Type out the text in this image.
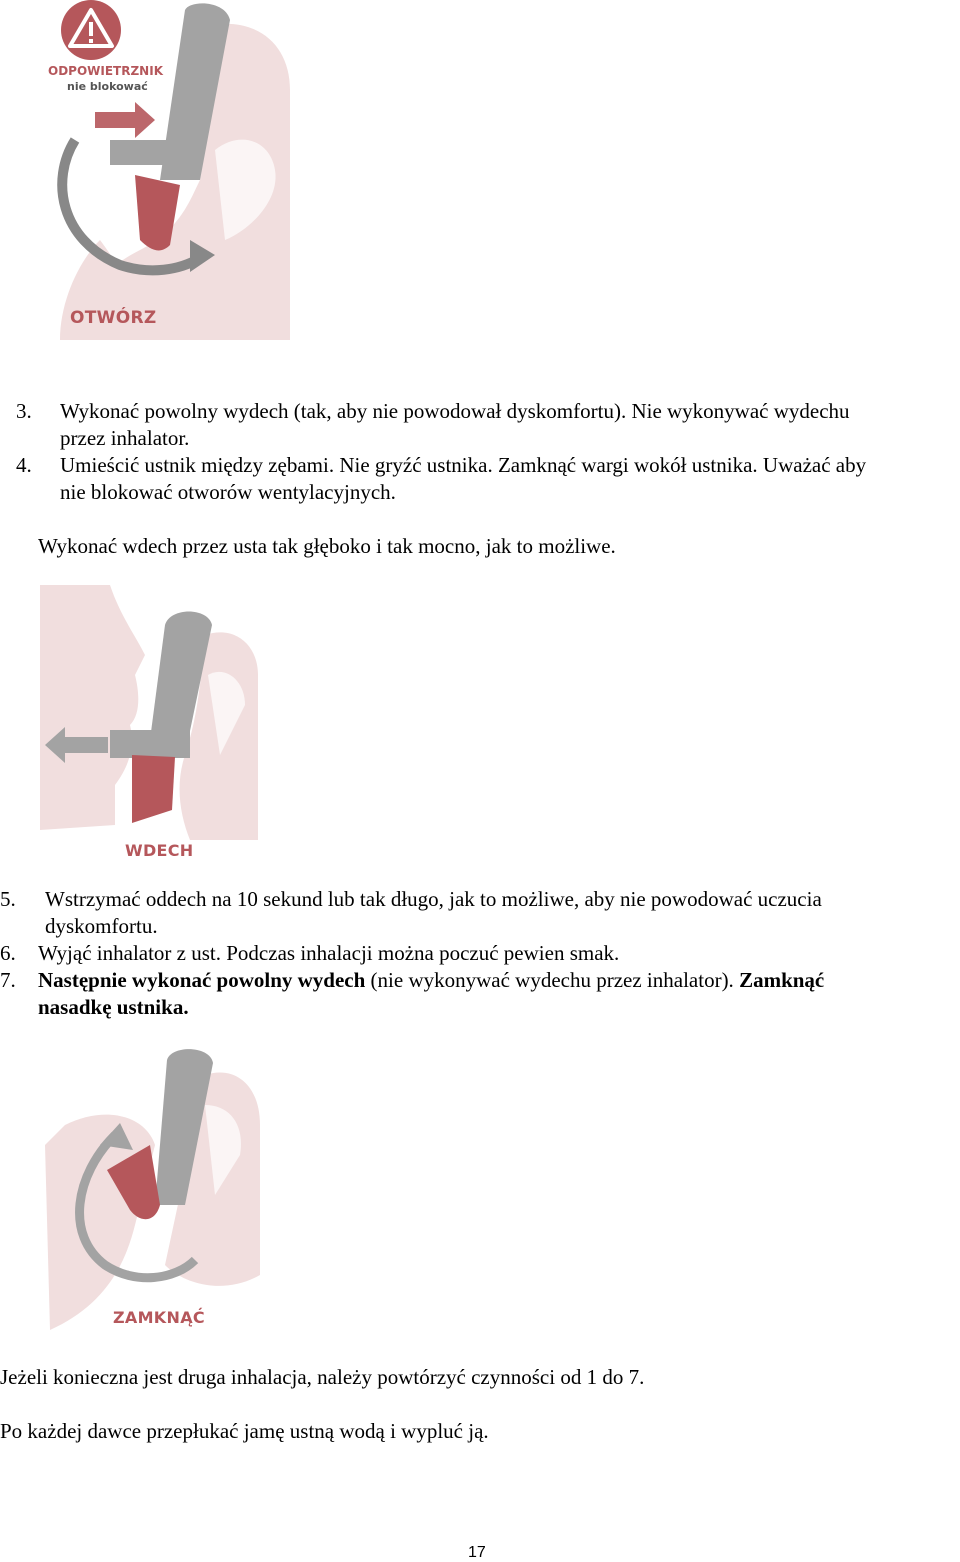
ODPOWIETRZNIK
nie blokować
OTWÓRZ
3. Wykonać powolny wydech (tak, aby nie powodował dyskomfortu). Nie wykonywać wydechu
przez inhalator.
4. Umieścić ustnik między zębami. Nie gryźć ustnika. Zamknąć wargi wokół ustnika. Uważać aby
nie blokować otworów wentylacyjnych.
Wykonać wdech przez usta tak głęboko i tak mocno, jak to możliwe.
WDECH
5. Wstrzymać oddech na 10 sekund lub tak długo, jak to możliwe, aby nie powodować uczucia
dyskomfortu.
6. Wyjąć inhalator z ust. Podczas inhalacji można poczuć pewien smak.
7. Następnie wykonać powolny wydech (nie wykonywać wydechu przez inhalator). Zamknąć
nasadkę ustnika.
ZAMKNĄĆ
Jeżeli konieczna jest druga inhalacja, należy powtórzyć czynności od 1 do 7.
Po każdej dawce przepłukać jamę ustną wodą i wypluć ją.
17
